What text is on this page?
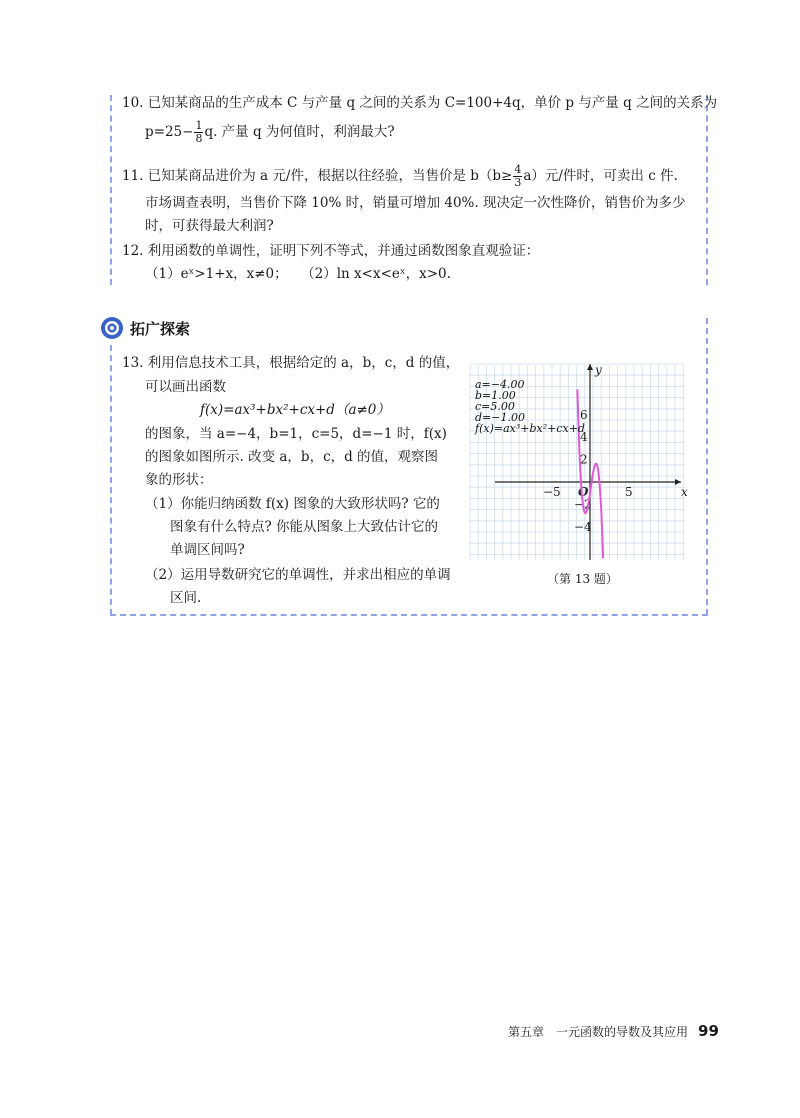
10. 已知某商品的生产成本 C 与产量 q 之间的关系为 C=100+4q，单价 p 与产量 q 之间的关系为
$p=25- \frac{1}{8} q$. 产量 q 为何值时，利润最大?
11. 已知某商品进价为 a 元/件，根据以往经验，当售价是 $b(b\ge \frac{4}{3} a)$元/件时，可卖出 c 件.
市场调查表明，当售价下降 10% 时，销量可增加 40%. 现决定一次性降价，销售价为多少
时，可获得最大利润?
12. 利用函数的单调性，证明下列不等式，并通过函数图象直观验证：
（1）eˣ>1+x，x≠0；　　（2）ln x<x<eˣ，x>0.
拓广探索
13. 利用信息技术工具，根据给定的 a，b，c，d 的值，
可以画出函数
f(x)=ax³+bx²+cx+d（a≠0）
的图象，当 a=−4，b=1，c=5，d=−1 时，f(x)
的图象如图所示. 改变 a，b，c，d 的值，观察图
象的形状：
（1）你能归纳函数 f(x) 图象的大致形状吗? 它的
图象有什么特点? 你能从图象上大致估计它的
单调区间吗?
（2）运用导数研究它的单调性，并求出相应的单调
区间.
x
y
O
−5	5
6
4
2
−2
−4
a=−4.00
b=1.00
c=5.00
d=−1.00
f(x)=ax³+bx²+cx+d
（第 13 题）
第五章　一元函数的导数及其应用 99
